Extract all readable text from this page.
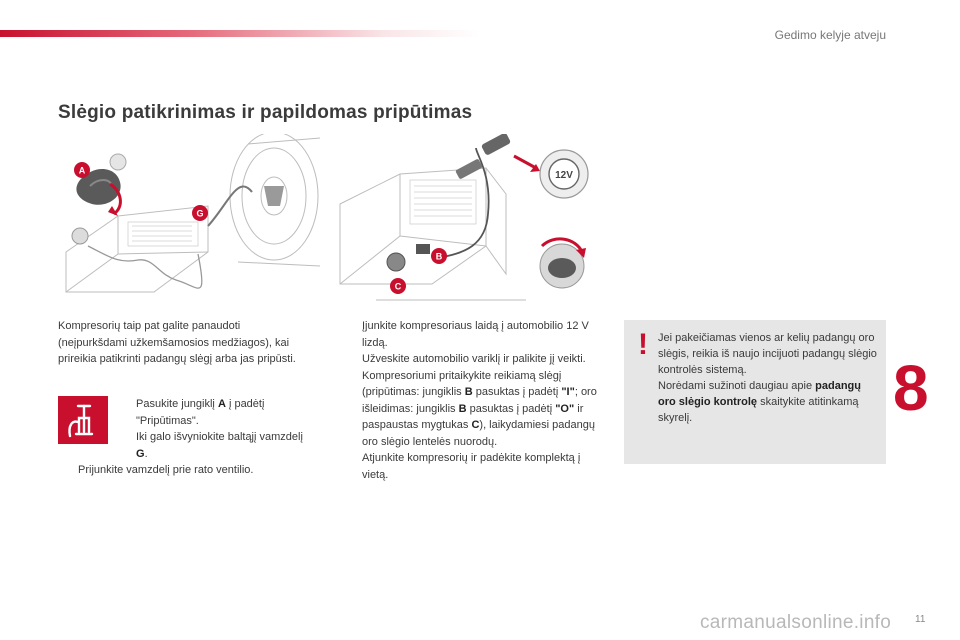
Gedimo kelyje atveju
Slėgio patikrinimas ir papildomas pripūtimas
A
G
12V
B
C
Kompresorių taip pat galite panaudoti (neįpurkšdami užkemšamosios medžiagos), kai prireikia patikrinti padangų slėgį arba jas pripūsti.
Pasukite jungiklį A į padėtį "Pripūtimas".
Iki galo išvyniokite baltąjį vamzdelį G.
Prijunkite vamzdelį prie rato ventilio.
Įjunkite kompresoriaus laidą į automobilio 12 V lizdą.
Užveskite automobilio variklį ir palikite jį veikti.
Kompresoriumi pritaikykite reikiamą slėgį (pripūtimas: jungiklis B pasuktas į padėtį "I"; oro išleidimas: jungiklis B pasuktas į padėtį "O" ir paspaustas mygtukas C), laikydamiesi padangų oro slėgio lentelės nuorodų.
Atjunkite kompresorių ir padėkite komplektą į vietą.
! Jei pakeičiamas vienos ar kelių padangų oro slėgis, reikia iš naujo incijuoti padangų slėgio kontrolės sistemą.
Norėdami sužinoti daugiau apie padangų oro slėgio kontrolę skaitykite atitinkamą skyrelį.	8
carmanualsonline.info 11
